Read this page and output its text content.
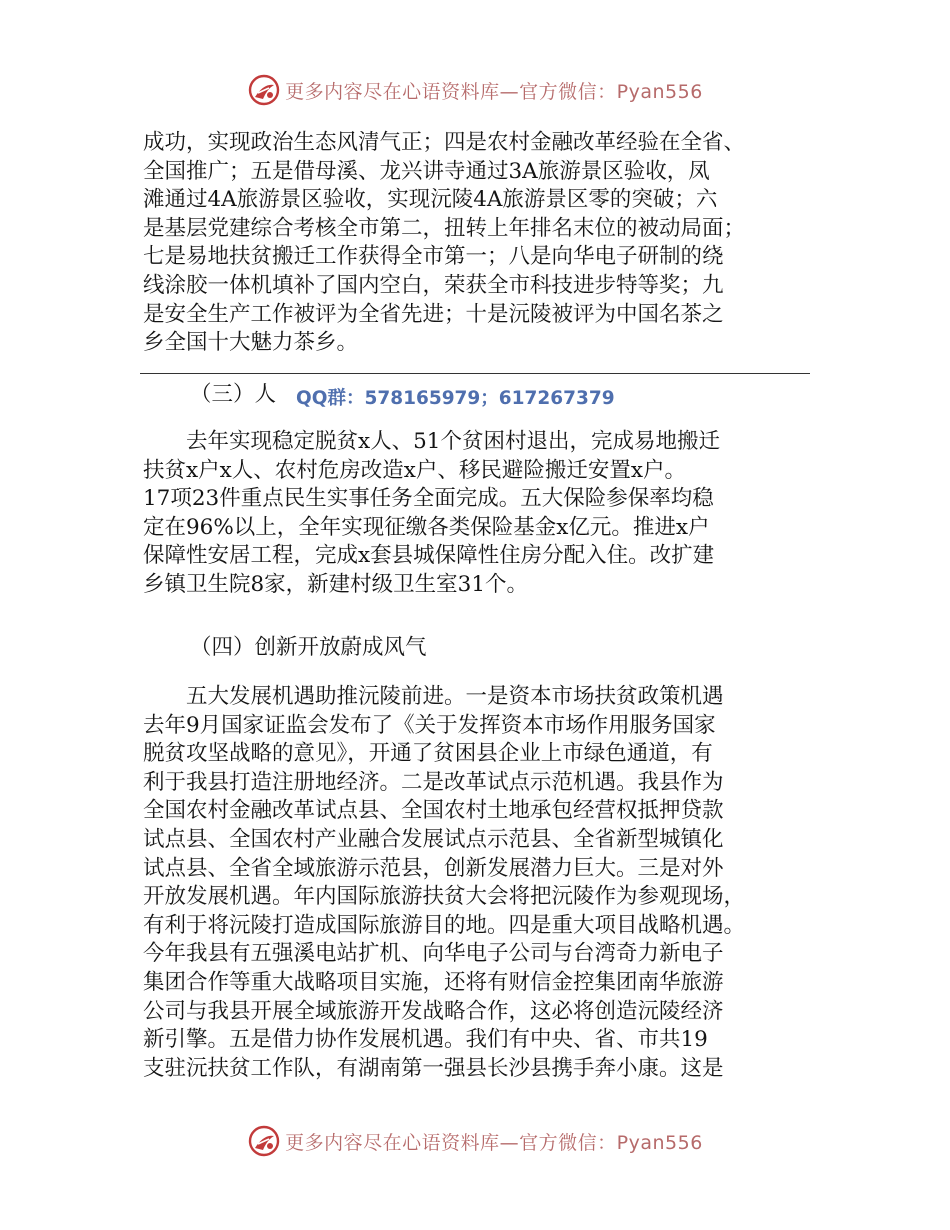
更多内容尽在心语资料库—官方微信：Pyan556
成功，实现政治生态风清气正；四是农村金融改革经验在全省、
全国推广；五是借母溪、龙兴讲寺通过3A旅游景区验收，凤
滩通过4A旅游景区验收，实现沅陵4A旅游景区零的突破；六
是基层党建综合考核全市第二，扭转上年排名末位的被动局面；
七是易地扶贫搬迁工作获得全市第一；八是向华电子研制的绕
线涂胶一体机填补了国内空白，荣获全市科技进步特等奖；九
是安全生产工作被评为全省先进；十是沅陵被评为中国名茶之
乡全国十大魅力茶乡。
（三）人 QQ群：578165979；617267379
　　去年实现稳定脱贫x人、51个贫困村退出，完成易地搬迁
扶贫x户x人、农村危房改造x户、移民避险搬迁安置x户。
17项23件重点民生实事任务全面完成。五大保险参保率均稳
定在96%以上，全年实现征缴各类保险基金x亿元。推进x户
保障性安居工程，完成x套县城保障性住房分配入住。改扩建
乡镇卫生院8家，新建村级卫生室31个。
（四）创新开放蔚成风气
　　五大发展机遇助推沅陵前进。一是资本市场扶贫政策机遇
去年9月国家证监会发布了《关于发挥资本市场作用服务国家
脱贫攻坚战略的意见》，开通了贫困县企业上市绿色通道，有
利于我县打造注册地经济。二是改革试点示范机遇。我县作为
全国农村金融改革试点县、全国农村土地承包经营权抵押贷款
试点县、全国农村产业融合发展试点示范县、全省新型城镇化
试点县、全省全域旅游示范县，创新发展潜力巨大。三是对外
开放发展机遇。年内国际旅游扶贫大会将把沅陵作为参观现场，
有利于将沅陵打造成国际旅游目的地。四是重大项目战略机遇。
今年我县有五强溪电站扩机、向华电子公司与台湾奇力新电子
集团合作等重大战略项目实施，还将有财信金控集团南华旅游
公司与我县开展全域旅游开发战略合作，这必将创造沅陵经济
新引擎。五是借力协作发展机遇。我们有中央、省、市共19
支驻沅扶贫工作队，有湖南第一强县长沙县携手奔小康。这是
更多内容尽在心语资料库—官方微信：Pyan556
